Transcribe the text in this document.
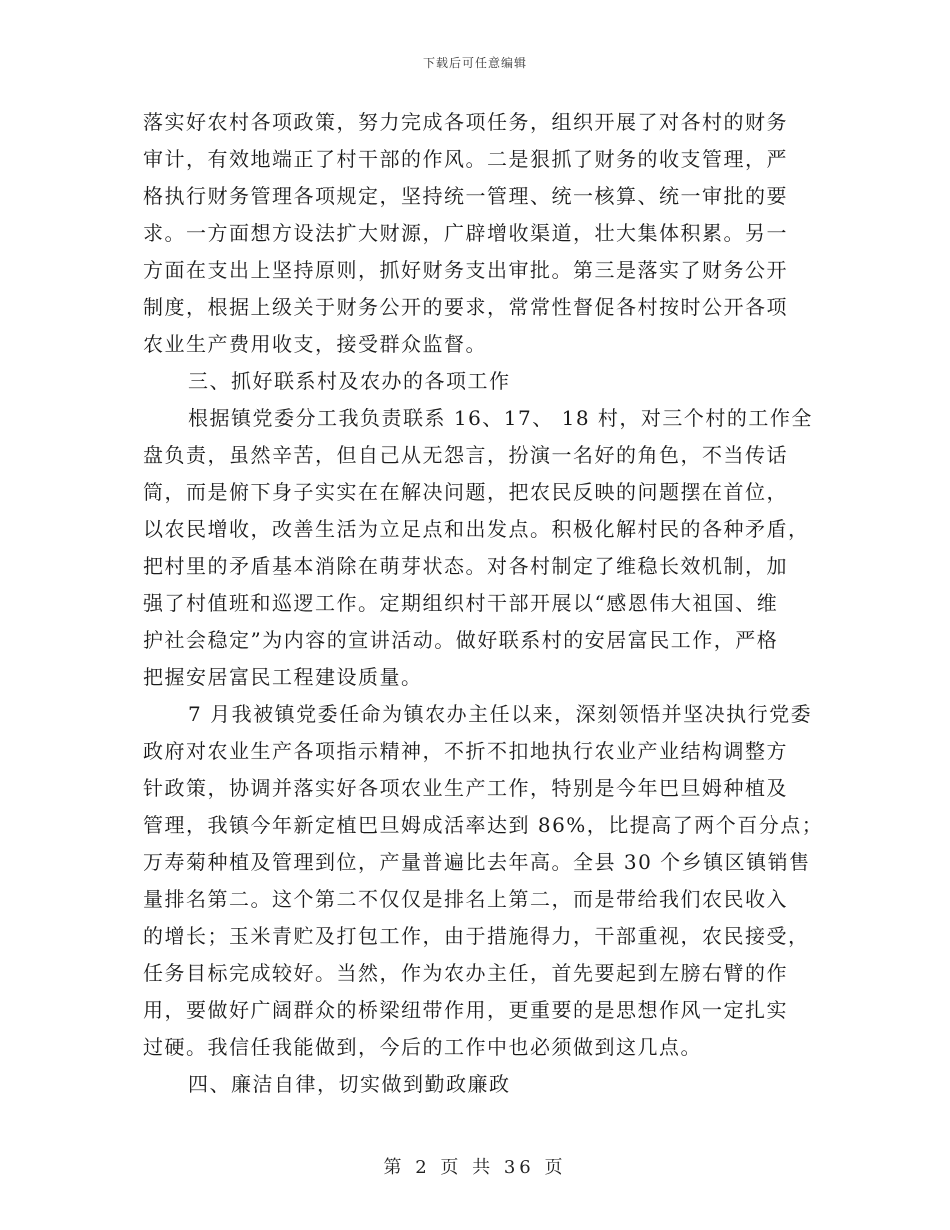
下载后可任意编辑
落实好农村各项政策，努力完成各项任务，组织开展了对各村的财务
审计，有效地端正了村干部的作风。二是狠抓了财务的收支管理，严
格执行财务管理各项规定，坚持统一管理、统一核算、统一审批的要
求。一方面想方设法扩大财源，广辟增收渠道，壮大集体积累。另一
方面在支出上坚持原则，抓好财务支出审批。第三是落实了财务公开
制度，根据上级关于财务公开的要求，常常性督促各村按时公开各项
农业生产费用收支，接受群众监督。
三、抓好联系村及农办的各项工作
根据镇党委分工我负责联系 16、17、 18 村，对三个村的工作全
盘负责，虽然辛苦，但自己从无怨言，扮演一名好的角色，不当传话
筒，而是俯下身子实实在在解决问题，把农民反映的问题摆在首位，
以农民增收，改善生活为立足点和出发点。积极化解村民的各种矛盾，
把村里的矛盾基本消除在萌芽状态。对各村制定了维稳长效机制，加
强了村值班和巡逻工作。定期组织村干部开展以“感恩伟大祖国、维
护社会稳定”为内容的宣讲活动。做好联系村的安居富民工作，严格
把握安居富民工程建设质量。
7 月我被镇党委任命为镇农办主任以来，深刻领悟并坚决执行党委
政府对农业生产各项指示精神，不折不扣地执行农业产业结构调整方
针政策，协调并落实好各项农业生产工作，特别是今年巴旦姆种植及
管理，我镇今年新定植巴旦姆成活率达到 86%，比提高了两个百分点；
万寿菊种植及管理到位，产量普遍比去年高。全县 30 个乡镇区镇销售
量排名第二。这个第二不仅仅是排名上第二，而是带给我们农民收入
的增长；玉米青贮及打包工作，由于措施得力，干部重视，农民接受，
任务目标完成较好。当然，作为农办主任，首先要起到左膀右臂的作
用，要做好广阔群众的桥梁纽带作用，更重要的是思想作风一定扎实
过硬。我信任我能做到，今后的工作中也必须做到这几点。
四、廉洁自律，切实做到勤政廉政
第 2 页 共 36 页
